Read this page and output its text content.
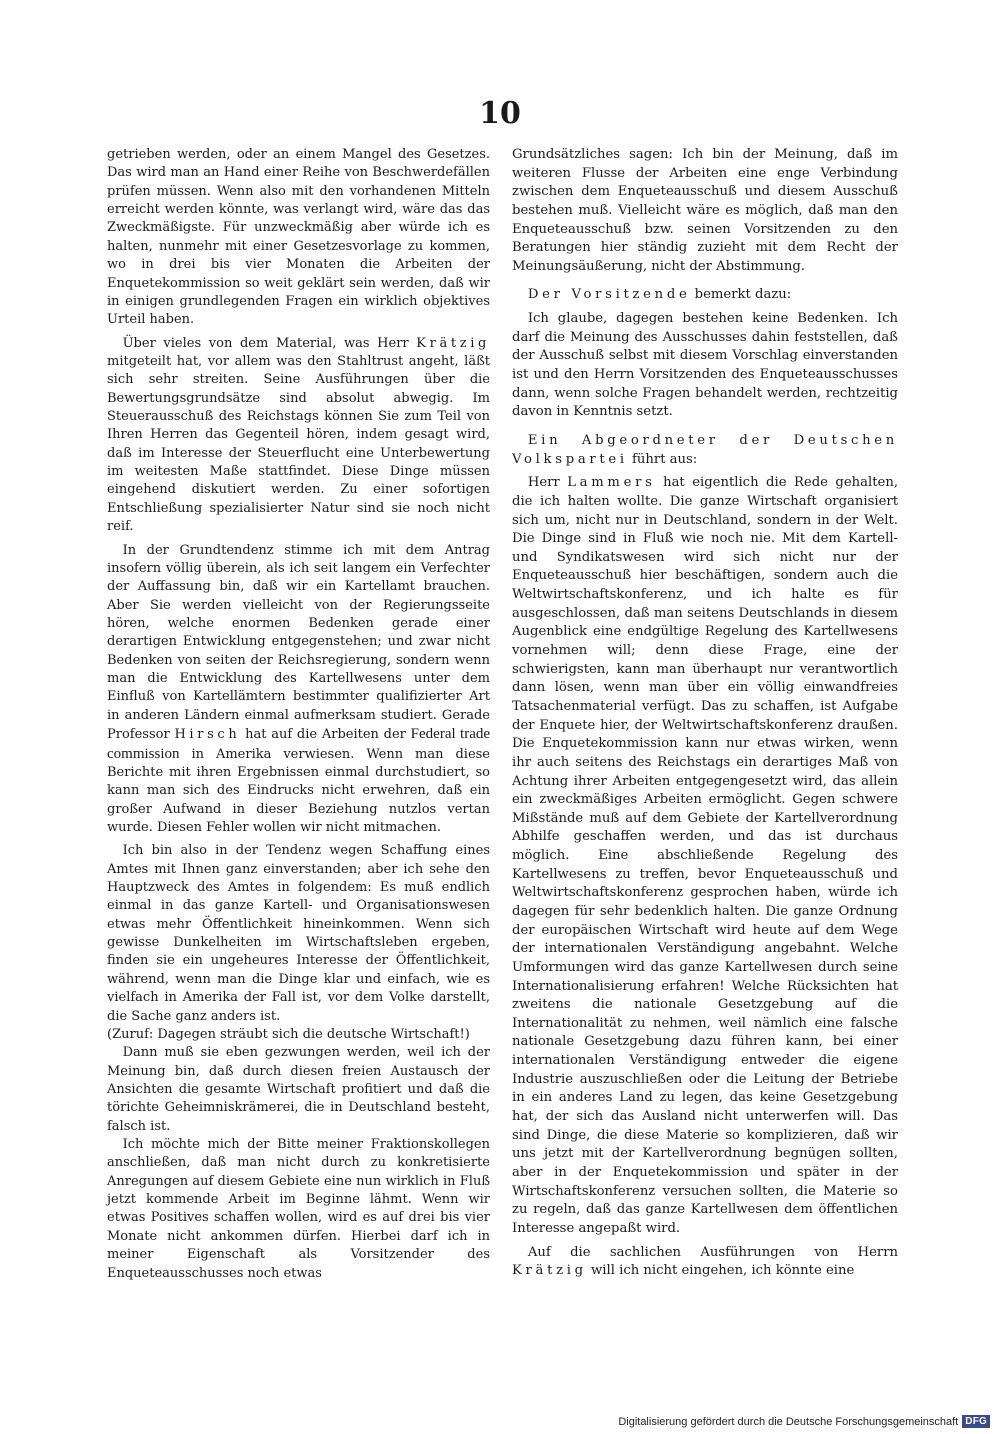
10

getrieben werden, oder an einem Mangel des Gesetzes. Das wird man an Hand einer Reihe von Beschwerdefällen prüfen müssen. Wenn also mit den vorhandenen Mitteln erreicht werden könnte, was verlangt wird, wäre das das Zweckmäßigste. Für unzweckmäßig aber würde ich es halten, nunmehr mit einer Gesetzesvorlage zu kommen, wo in drei bis vier Monaten die Arbeiten der Enquetekommission so weit geklärt sein werden, daß wir in einigen grundlegenden Fragen ein wirklich objektives Urteil haben.

Über vieles von dem Material, was Herr Krätzig mitgeteilt hat, vor allem was den Stahltrust angeht, läßt sich sehr streiten. Seine Ausführungen über die Bewertungsgrundsätze sind absolut abwegig. Im Steuerausschuß des Reichstags können Sie zum Teil von Ihren Herren das Gegenteil hören, indem gesagt wird, daß im Interesse der Steuerflucht eine Unterbewertung im weitesten Maße stattfindet. Diese Dinge müssen eingehend diskutiert werden. Zu einer sofortigen Entschließung spezialisierter Natur sind sie noch nicht reif.

In der Grundtendenz stimme ich mit dem Antrag insofern völlig überein, als ich seit langem ein Verfechter der Auffassung bin, daß wir ein Kartellamt brauchen. Aber Sie werden vielleicht von der Regierungsseite hören, welche enormen Bedenken gerade einer derartigen Entwicklung entgegenstehen; und zwar nicht Bedenken von seiten der Reichsregierung, sondern wenn man die Entwicklung des Kartellwesens unter dem Einfluß von Kartellämtern bestimmter qualifizierter Art in anderen Ländern einmal aufmerksam studiert. Gerade Professor Hirsch hat auf die Arbeiten der Federal trade commission in Amerika verwiesen. Wenn man diese Berichte mit ihren Ergebnissen einmal durchstudiert, so kann man sich des Eindrucks nicht erwehren, daß ein großer Aufwand in dieser Beziehung nutzlos vertan wurde. Diesen Fehler wollen wir nicht mitmachen.

Ich bin also in der Tendenz wegen Schaffung eines Amtes mit Ihnen ganz einverstanden; aber ich sehe den Hauptzweck des Amtes in folgendem: Es muß endlich einmal in das ganze Kartell- und Organisationswesen etwas mehr Öffentlichkeit hineinkommen. Wenn sich gewisse Dunkelheiten im Wirtschaftsleben ergeben, finden sie ein ungeheures Interesse der Öffentlichkeit, während, wenn man die Dinge klar und einfach, wie es vielfach in Amerika der Fall ist, vor dem Volke darstellt, die Sache ganz anders ist.

(Zuruf: Dagegen sträubt sich die deutsche Wirtschaft!)

Dann muß sie eben gezwungen werden, weil ich der Meinung bin, daß durch diesen freien Austausch der Ansichten die gesamte Wirtschaft profitiert und daß die törichte Geheimniskrämerei, die in Deutschland besteht, falsch ist.

Ich möchte mich der Bitte meiner Fraktionskollegen anschließen, daß man nicht durch zu konkretisierte Anregungen auf diesem Gebiete eine nun wirklich in Fluß jetzt kommende Arbeit im Beginne lähmt. Wenn wir etwas Positives schaffen wollen, wird es auf drei bis vier Monate nicht ankommen dürfen. Hierbei darf ich in meiner Eigenschaft als Vorsitzender des Enqueteausschusses noch etwas

Grundsätzliches sagen: Ich bin der Meinung, daß im weiteren Flusse der Arbeiten eine enge Verbindung zwischen dem Enqueteausschuß und diesem Ausschuß bestehen muß. Vielleicht wäre es möglich, daß man den Enqueteausschuß bzw. seinen Vorsitzenden zu den Beratungen hier ständig zuzieht mit dem Recht der Meinungsäußerung, nicht der Abstimmung.

Der Vorsitzende bemerkt dazu:

Ich glaube, dagegen bestehen keine Bedenken. Ich darf die Meinung des Ausschusses dahin feststellen, daß der Ausschuß selbst mit diesem Vorschlag einverstanden ist und den Herrn Vorsitzenden des Enqueteausschusses dann, wenn solche Fragen behandelt werden, rechtzeitig davon in Kenntnis setzt.

Ein Abgeordneter der Deutschen Volkspartei führt aus:

Herr Lammers hat eigentlich die Rede gehalten, die ich halten wollte. Die ganze Wirtschaft organisiert sich um, nicht nur in Deutschland, sondern in der Welt. Die Dinge sind in Fluß wie noch nie. Mit dem Kartell- und Syndikatswesen wird sich nicht nur der Enqueteausschuß hier beschäftigen, sondern auch die Weltwirtschaftskonferenz, und ich halte es für ausgeschlossen, daß man seitens Deutschlands in diesem Augenblick eine endgültige Regelung des Kartellwesens vornehmen will; denn diese Frage, eine der schwierigsten, kann man überhaupt nur verantwortlich dann lösen, wenn man über ein völlig einwandfreies Tatsachenmaterial verfügt. Das zu schaffen, ist Aufgabe der Enquete hier, der Weltwirtschaftskonferenz draußen. Die Enquetekommission kann nur etwas wirken, wenn ihr auch seitens des Reichstags ein derartiges Maß von Achtung ihrer Arbeiten entgegengesetzt wird, das allein ein zweckmäßiges Arbeiten ermöglicht. Gegen schwere Mißstände muß auf dem Gebiete der Kartellverordnung Abhilfe geschaffen werden, und das ist durchaus möglich. Eine abschließende Regelung des Kartellwesens zu treffen, bevor Enqueteausschuß und Weltwirtschaftskonferenz gesprochen haben, würde ich dagegen für sehr bedenklich halten. Die ganze Ordnung der europäischen Wirtschaft wird heute auf dem Wege der internationalen Verständigung angebahnt. Welche Umformungen wird das ganze Kartellwesen durch seine Internationalisierung erfahren! Welche Rücksichten hat zweitens die nationale Gesetzgebung auf die Internationalität zu nehmen, weil nämlich eine falsche nationale Gesetzgebung dazu führen kann, bei einer internationalen Verständigung entweder die eigene Industrie auszuschließen oder die Leitung der Betriebe in ein anderes Land zu legen, das keine Gesetzgebung hat, der sich das Ausland nicht unterwerfen will. Das sind Dinge, die diese Materie so komplizieren, daß wir uns jetzt mit der Kartellverordnung begnügen sollten, aber in der Enquetekommission und später in der Wirtschaftskonferenz versuchen sollten, die Materie so zu regeln, daß das ganze Kartellwesen dem öffentlichen Interesse angepaßt wird.

Auf die sachlichen Ausführungen von Herrn Krätzig will ich nicht eingehen, ich könnte eine

Digitalisierung gefördert durch die Deutsche Forschungsgemeinschaft DFG
